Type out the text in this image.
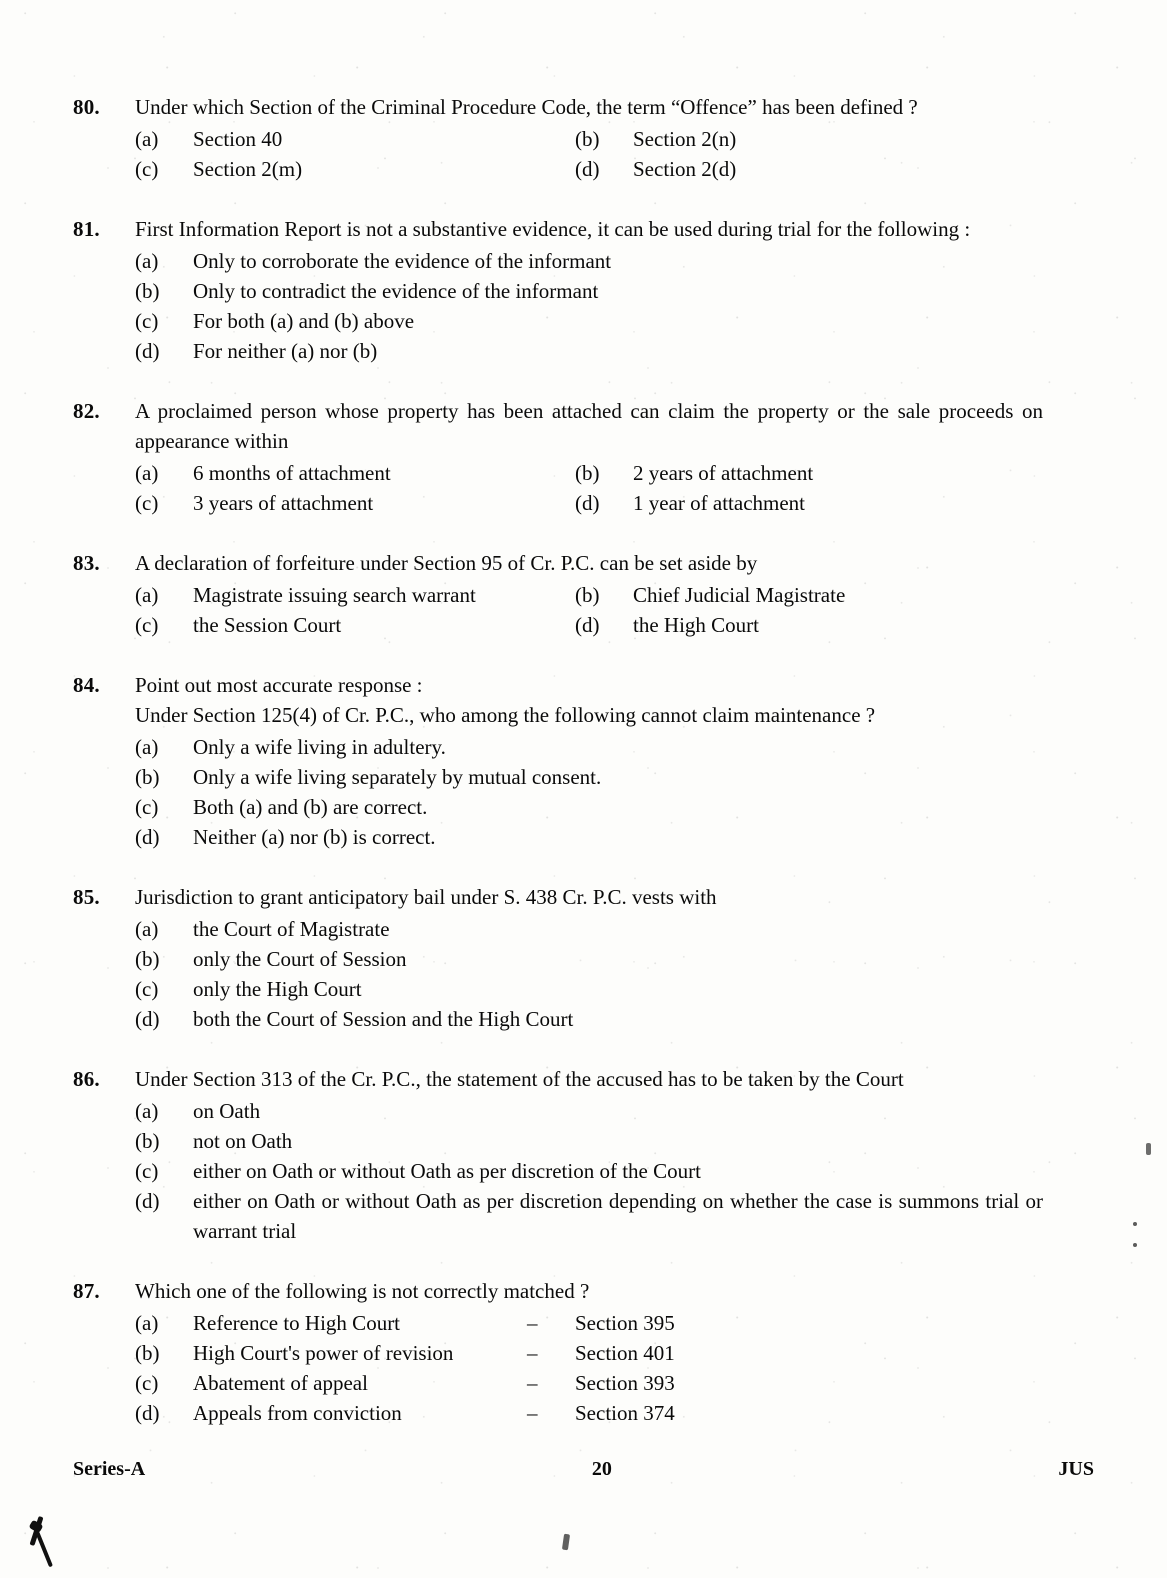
80.	Under which Section of the Criminal Procedure Code, the term “Offence” has been defined ?
(a)	Section 40	(b)	Section 2(n)
(c)	Section 2(m)	(d)	Section 2(d)
81.	First Information Report is not a substantive evidence, it can be used during trial for the following :
(a)	Only to corroborate the evidence of the informant
(b)	Only to contradict the evidence of the informant
(c)	For both (a) and (b) above
(d)	For neither (a) nor (b)
82.	A proclaimed person whose property has been attached can claim the property or the sale proceeds on appearance within
(a)	6 months of attachment	(b)	2 years of attachment
(c)	3 years of attachment	(d)	1 year of attachment
83.	A declaration of forfeiture under Section 95 of Cr. P.C. can be set aside by
(a)	Magistrate issuing search warrant	(b)	Chief Judicial Magistrate
(c)	the Session Court	(d)	the High Court
84.	Point out most accurate response :
Under Section 125(4) of Cr. P.C., who among the following cannot claim maintenance ?
(a)	Only a wife living in adultery.
(b)	Only a wife living separately by mutual consent.
(c)	Both (a) and (b) are correct.
(d)	Neither (a) nor (b) is correct.
85.	Jurisdiction to grant anticipatory bail under S. 438 Cr. P.C. vests with
(a)	the Court of Magistrate
(b)	only the Court of Session
(c)	only the High Court
(d)	both the Court of Session and the High Court
86.	Under Section 313 of the Cr. P.C., the statement of the accused has to be taken by the Court
(a)	on Oath
(b)	not on Oath
(c)	either on Oath or without Oath as per discretion of the Court
(d)	either on Oath or without Oath as per discretion depending on whether the case is summons trial or warrant trial
87.	Which one of the following is not correctly matched ?
(a)	Reference to High Court	–	Section 395
(b)	High Court's power of revision	–	Section 401
(c)	Abatement of appeal	–	Section 393
(d)	Appeals from conviction	–	Section 374
Series-A	20	JUS
